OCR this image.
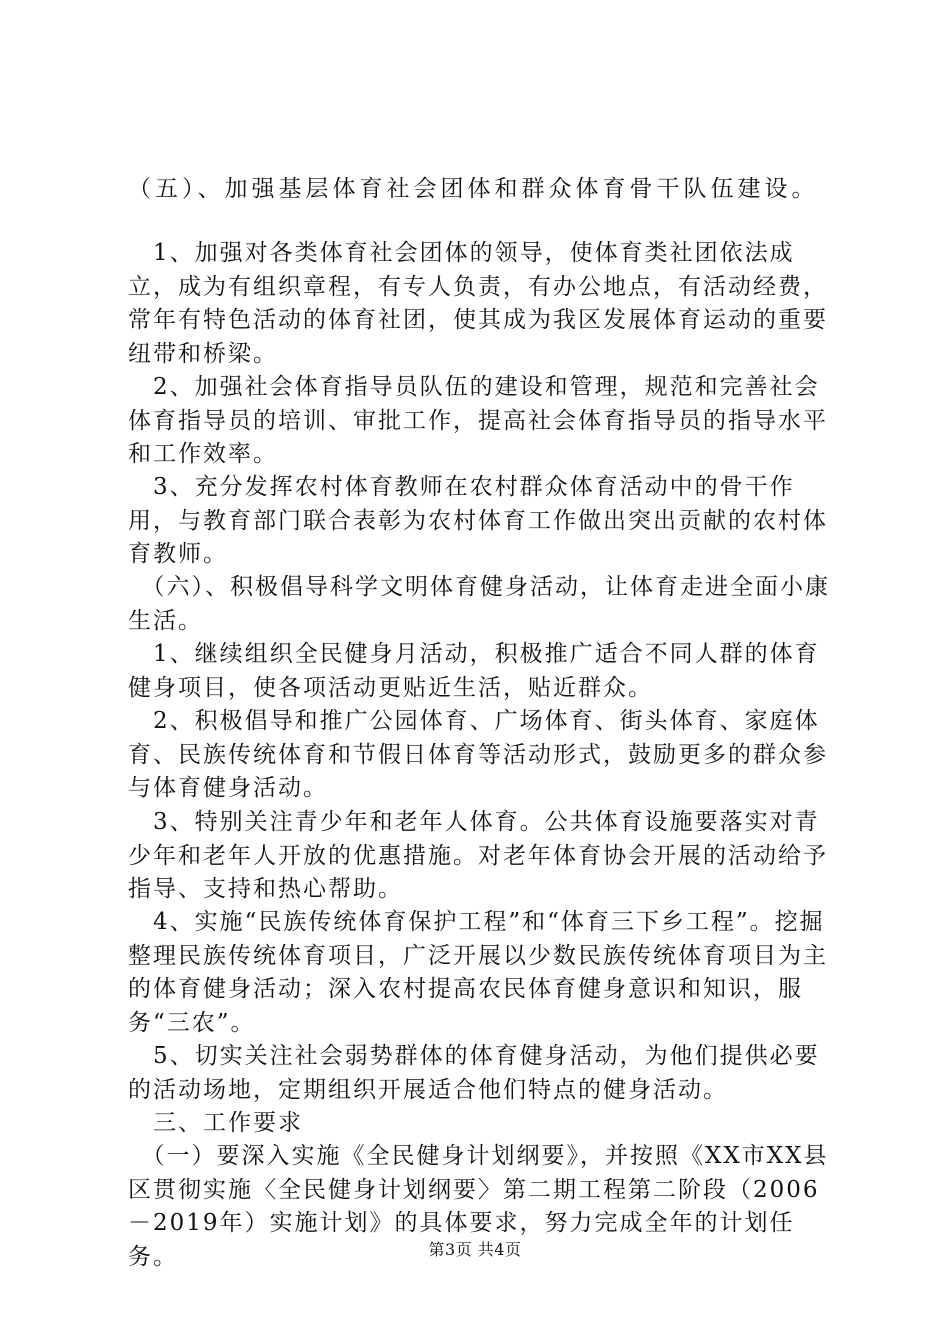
（五）、加强基层体育社会团体和群众体育骨干队伍建设。
　1、加强对各类体育社会团体的领导，使体育类社团依法成立，成为有组织章程，有专人负责，有办公地点，有活动经费，常年有特色活动的体育社团，使其成为我区发展体育运动的重要纽带和桥梁。
　2、加强社会体育指导员队伍的建设和管理，规范和完善社会体育指导员的培训、审批工作，提高社会体育指导员的指导水平和工作效率。
　3、充分发挥农村体育教师在农村群众体育活动中的骨干作用，与教育部门联合表彰为农村体育工作做出突出贡献的农村体育教师。
　（六）、积极倡导科学文明体育健身活动，让体育走进全面小康生活。
　1、继续组织全民健身月活动，积极推广适合不同人群的体育健身项目，使各项活动更贴近生活，贴近群众。
　2、积极倡导和推广公园体育、广场体育、街头体育、家庭体育、民族传统体育和节假日体育等活动形式，鼓励更多的群众参与体育健身活动。
　3、特别关注青少年和老年人体育。公共体育设施要落实对青少年和老年人开放的优惠措施。对老年体育协会开展的活动给予指导、支持和热心帮助。
　4、实施“民族传统体育保护工程”和“体育三下乡工程”。挖掘整理民族传统体育项目，广泛开展以少数民族传统体育项目为主的体育健身活动；深入农村提高农民体育健身意识和知识，服务“三农”。
　5、切实关注社会弱势群体的体育健身活动，为他们提供必要的活动场地，定期组织开展适合他们特点的健身活动。
　三、工作要求
　（一）要深入实施《全民健身计划纲要》，并按照《XX市XX县区贯彻实施〈全民健身计划纲要〉第二期工程第二阶段（2006－2019年）实施计划》的具体要求，努力完成全年的计划任务。	第3页 共4页
